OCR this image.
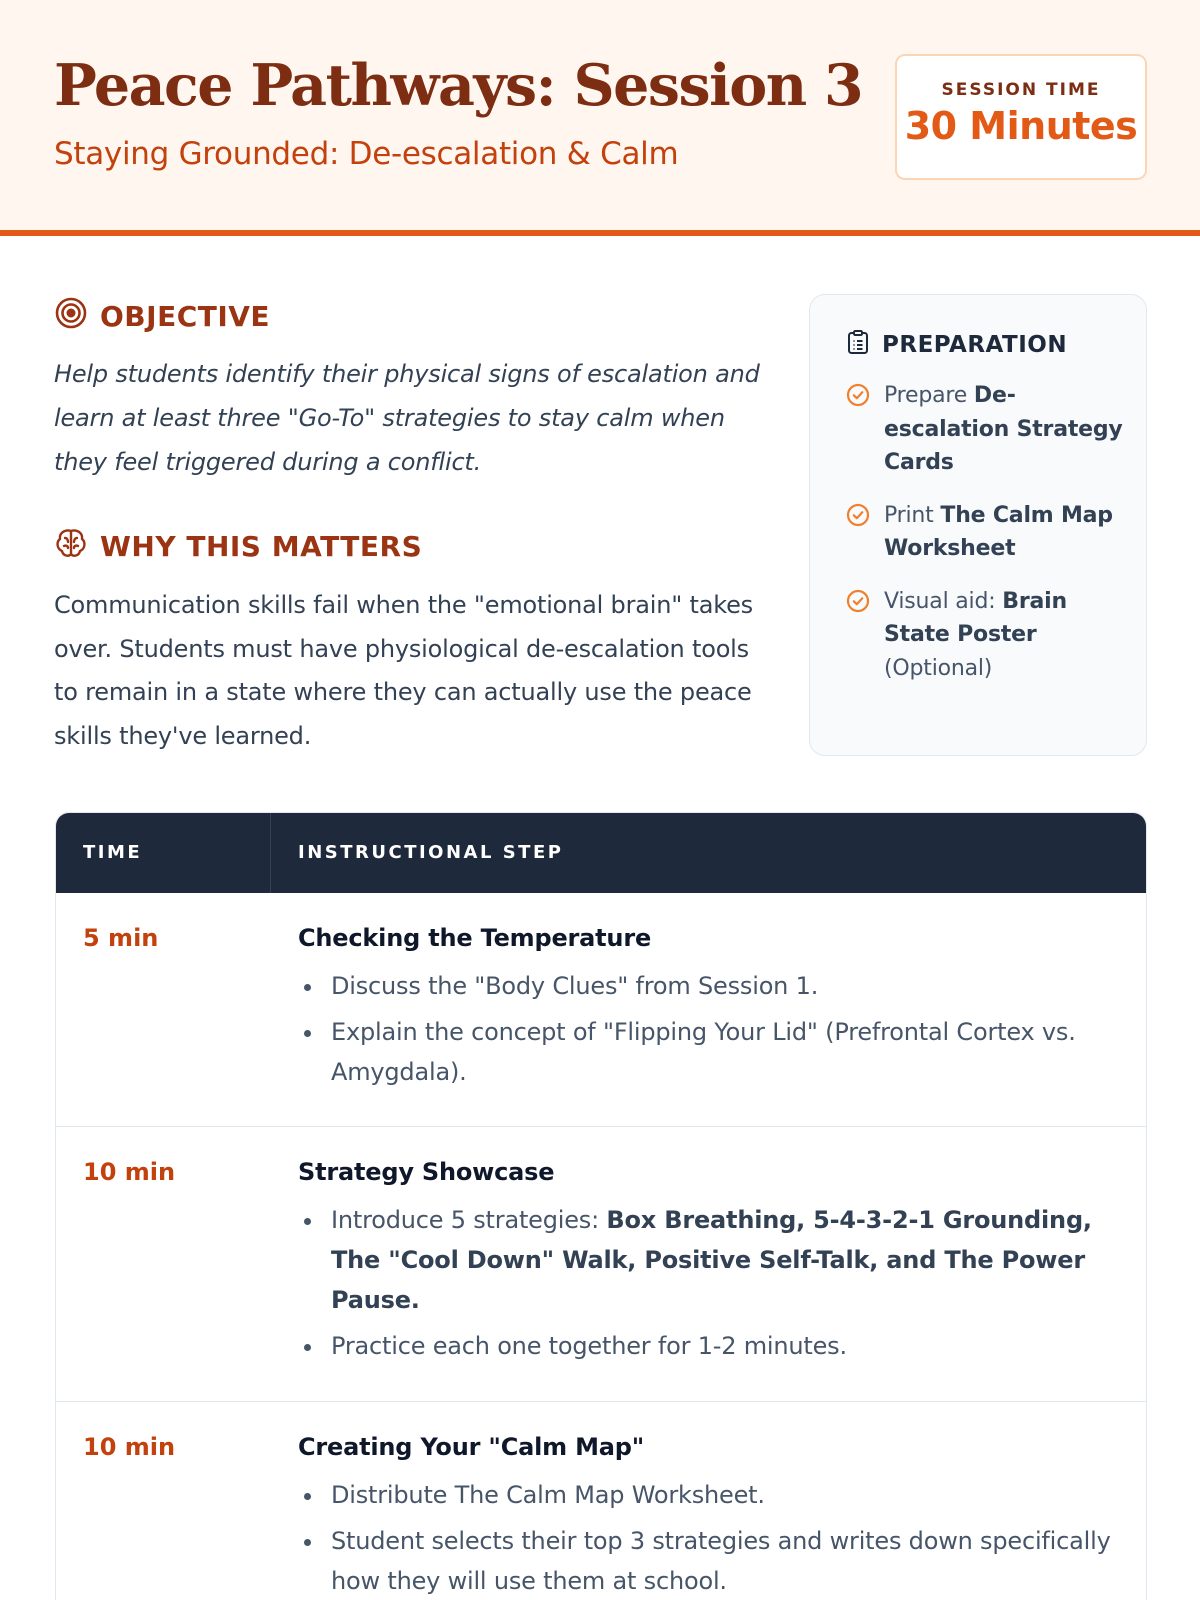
Peace Pathways: Session 3
Staying Grounded: De-escalation & Calm
SESSION TIME
30 Minutes
OBJECTIVE
Help students identify their physical signs of escalation and learn at least three "Go-To" strategies to stay calm when they feel triggered during a conflict.
WHY THIS MATTERS
Communication skills fail when the "emotional brain" takes over. Students must have physiological de-escalation tools to remain in a state where they can actually use the peace skills they've learned.
PREPARATION
Prepare De-escalation Strategy Cards
Print The Calm Map Worksheet
Visual aid: Brain State Poster (Optional)
TIME	INSTRUCTIONAL STEP
5 min	Checking the Temperature
Discuss the "Body Clues" from Session 1.
Explain the concept of "Flipping Your Lid" (Prefrontal Cortex vs. Amygdala).
10 min	Strategy Showcase
Introduce 5 strategies: Box Breathing, 5-4-3-2-1 Grounding, The "Cool Down" Walk, Positive Self-Talk, and The Power Pause.
Practice each one together for 1-2 minutes.
10 min	Creating Your "Calm Map"
Distribute The Calm Map Worksheet.
Student selects their top 3 strategies and writes down specifically how they will use them at school.
